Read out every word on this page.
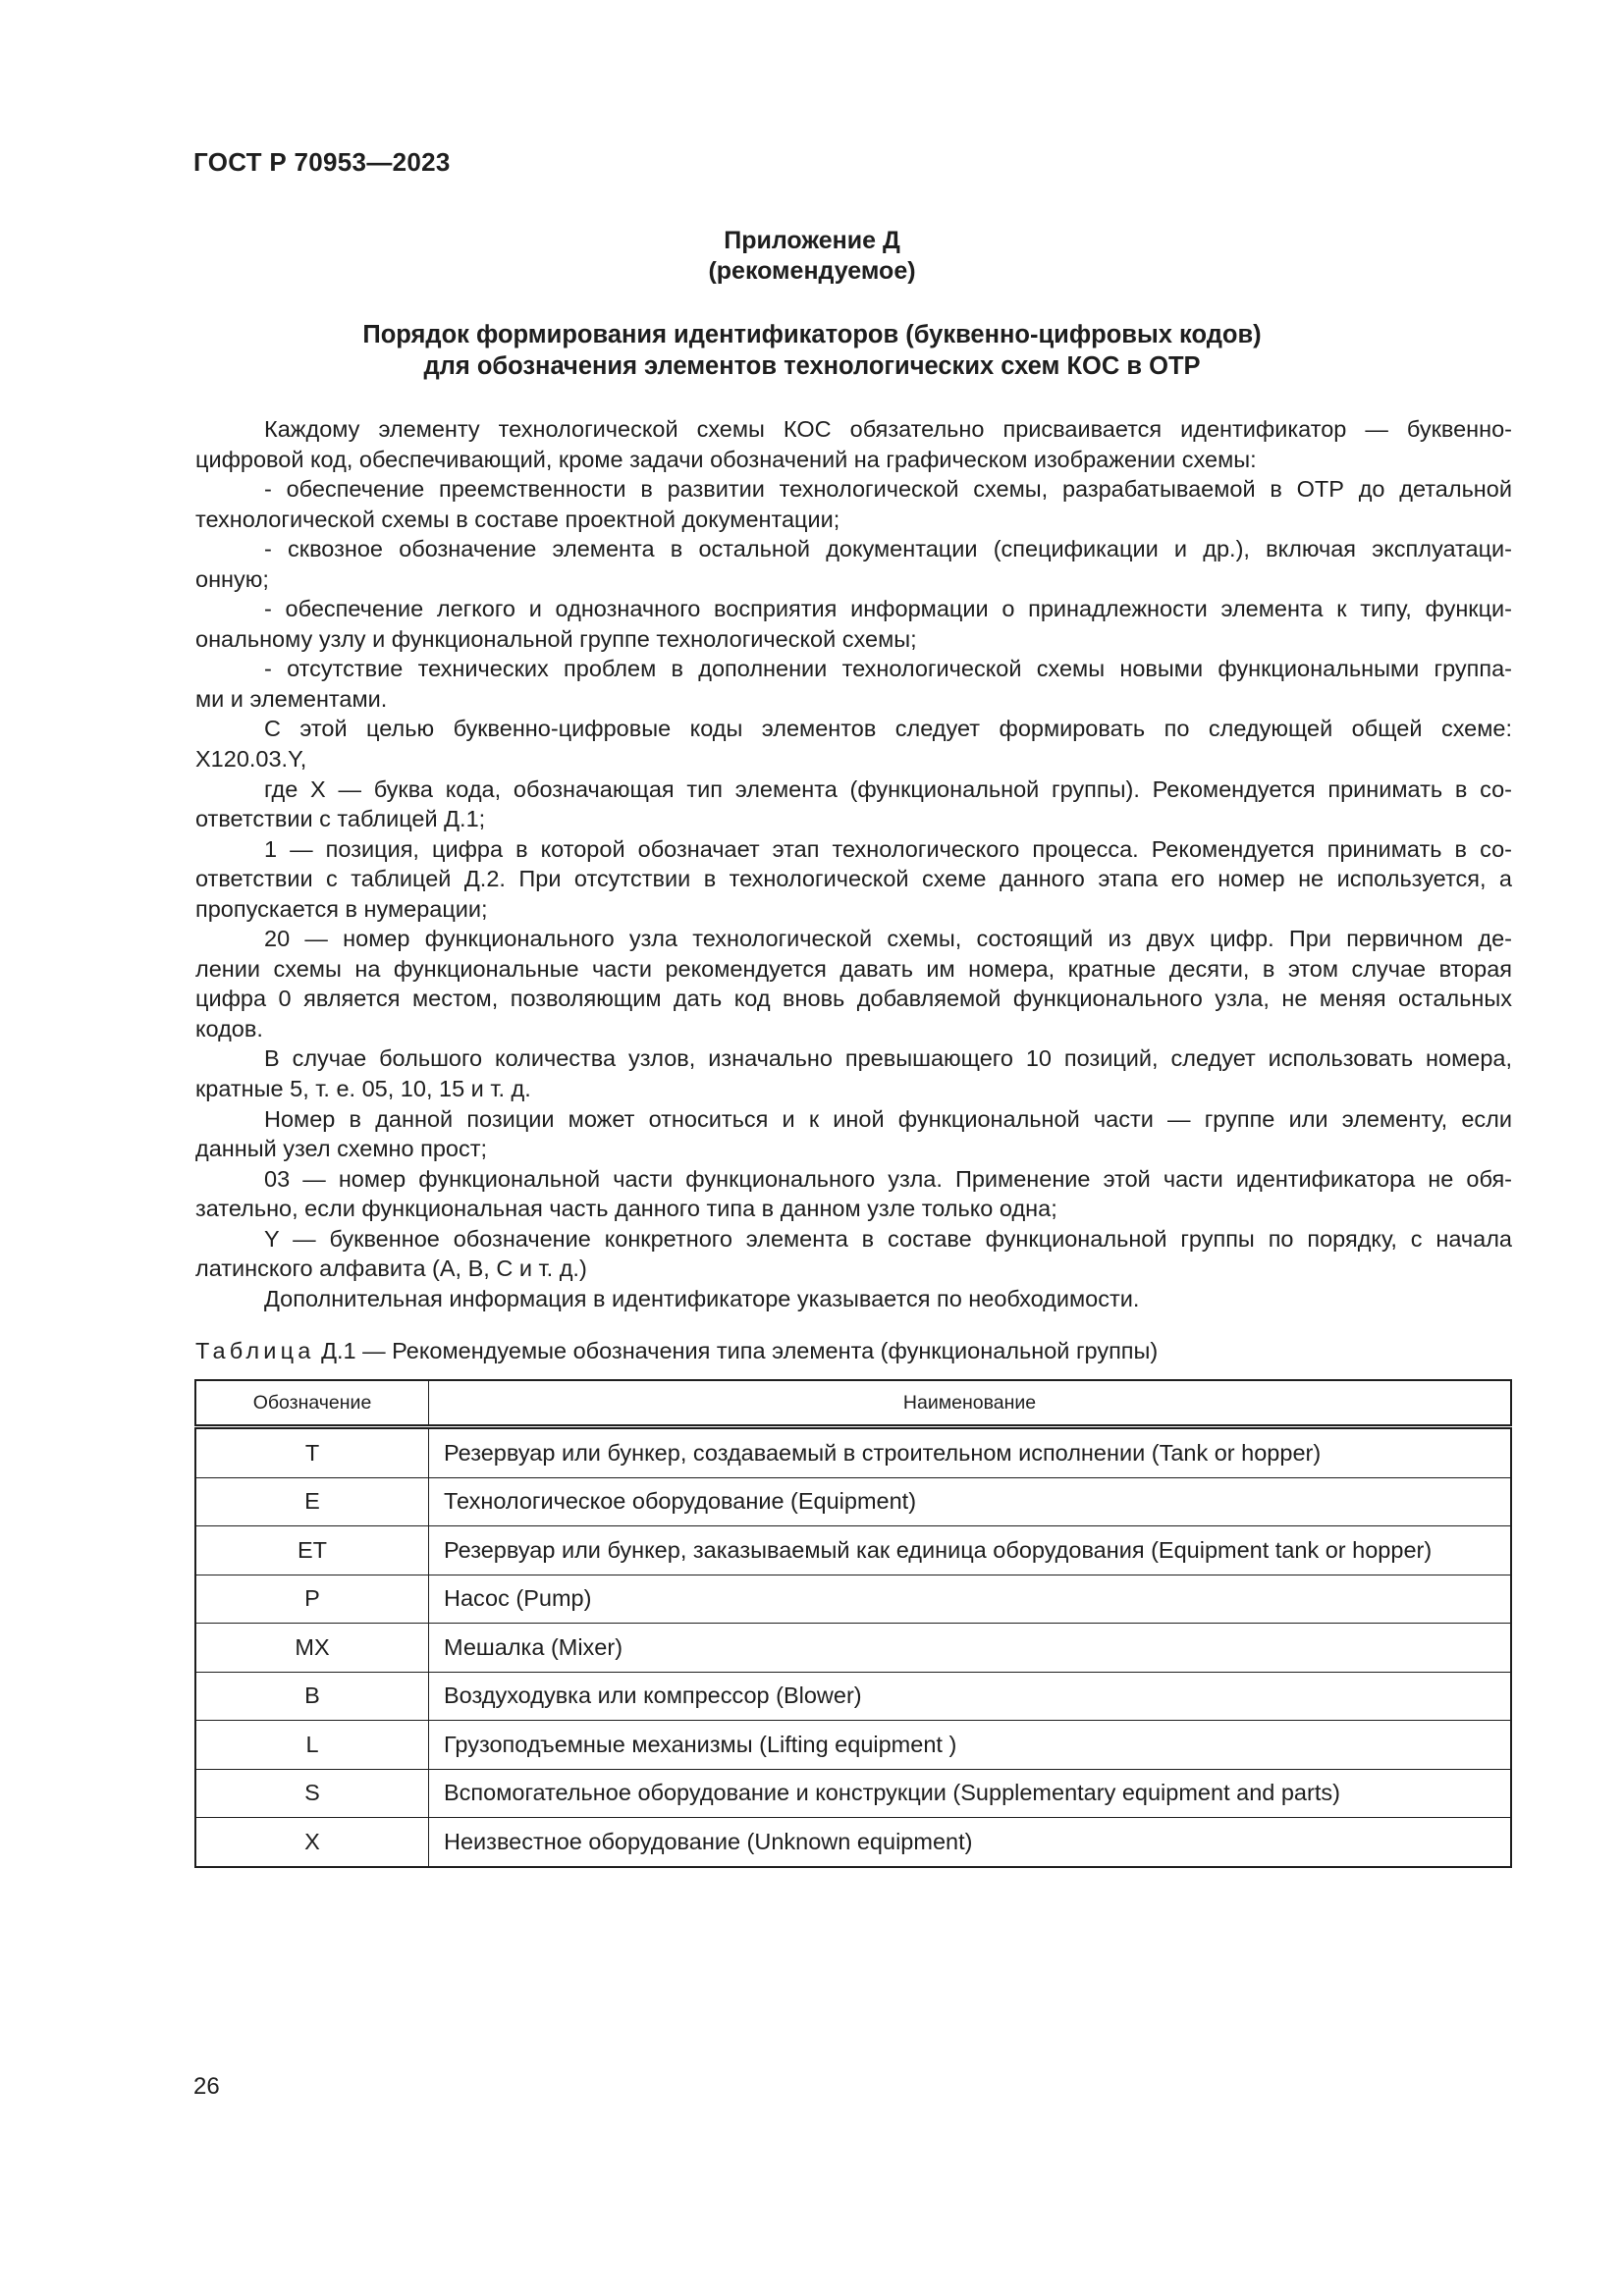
ГОСТ Р 70953—2023
Приложение Д
(рекомендуемое)
Порядок формирования идентификаторов (буквенно-цифровых кодов)
для обозначения элементов технологических схем КОС в ОТР
Каждому элементу технологической схемы КОС обязательно присваивается идентификатор — буквенно-
цифровой код, обеспечивающий, кроме задачи обозначений на графическом изображении схемы:
- обеспечение преемственности в развитии технологической схемы, разрабатываемой в ОТР до детальной
технологической схемы в составе проектной документации;
- сквозное обозначение элемента в остальной документации (спецификации и др.), включая эксплуатаци-
онную;
- обеспечение легкого и однозначного восприятия информации о принадлежности элемента к типу, функци-
ональному узлу и функциональной группе технологической схемы;
- отсутствие технических проблем в дополнении технологической схемы новыми функциональными группа-
ми и элементами.
С этой целью буквенно-цифровые коды элементов следует формировать по следующей общей схеме:
X120.03.Y,
где X — буква кода, обозначающая тип элемента (функциональной группы). Рекомендуется принимать в со-
ответствии с таблицей Д.1;
1 — позиция, цифра в которой обозначает этап технологического процесса. Рекомендуется принимать в со-
ответствии с таблицей Д.2. При отсутствии в технологической схеме данного этапа его номер не используется, а
пропускается в нумерации;
20 — номер функционального узла технологической схемы, состоящий из двух цифр. При первичном де-
лении схемы на функциональные части рекомендуется давать им номера, кратные десяти, в этом случае вторая
цифра 0 является местом, позволяющим дать код вновь добавляемой функционального узла, не меняя остальных
кодов.
В случае большого количества узлов, изначально превышающего 10 позиций, следует использовать номера,
кратные 5, т. е. 05, 10, 15 и т. д.
Номер в данной позиции может относиться и к иной функциональной части — группе или элементу, если
данный узел схемно прост;
03 — номер функциональной части функционального узла. Применение этой части идентификатора не обя-
зательно, если функциональная часть данного типа в данном узле только одна;
Y — буквенное обозначение конкретного элемента в составе функциональной группы по порядку, с начала
латинского алфавита (A, B, C и т. д.)
Дополнительная информация в идентификаторе указывается по необходимости.
Таблица Д.1 — Рекомендуемые обозначения типа элемента (функциональной группы)
Обозначение	Наименование
T	Резервуар или бункер, создаваемый в строительном исполнении (Tank or hopper)
E	Технологическое оборудование (Equipment)
ET	Резервуар или бункер, заказываемый как единица оборудования (Equipment tank or hopper)
P	Насос (Pump)
MX	Мешалка (Mixer)
B	Воздуходувка или компрессор (Blower)
L	Грузоподъемные механизмы (Lifting equipment )
S	Вспомогательное оборудование и конструкции (Supplementary equipment and parts)
X	Неизвестное оборудование (Unknown equipment)
26
